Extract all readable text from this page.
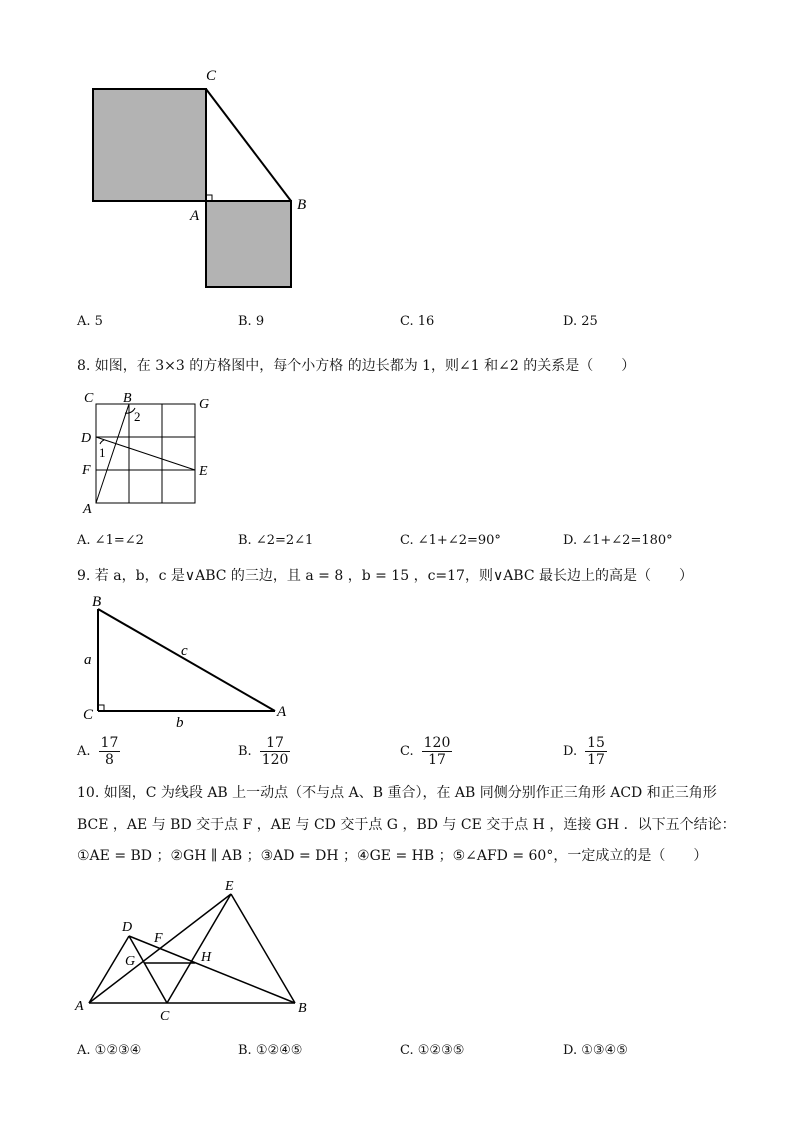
C
A
B
A. 5	B. 9	C. 16	D. 25
8. 如图，在 3×3 的方格图中，每个小方格 的边长都为 1，则∠1 和∠2 的关系是（　　）
C B	G
D
F
A
E
1
2
A. ∠1=∠2	B. ∠2=2∠1	C. ∠1+∠2=90°	D. ∠1+∠2=180°
9. 若 a，b，c 是∨ABC 的三边，且 a = 8 ，b = 15 ，c=17，则∨ABC 最长边上的高是（　　）
B
C	A
a
b
c
A. $\frac{17}{8}$	B. $\frac{17}{120}$	C. $\frac{120}{17}$	D. $\frac{15}{17}$
10. 如图，C 为线段 AB 上一动点（不与点 A、B 重合），在 AB 同侧分别作正三角形 ACD 和正三角形
BCE ，AE 与 BD 交于点 F ，AE 与 CD 交于点 G ，BD 与 CE 交于点 H ，连接 GH ．以下五个结论：
①AE = BD ；②GH ∥ AB ；③AD = DH ；④GE = HB ；⑤∠AFD = 60°，一定成立的是（　　）
E
D
F
G	H
A
C
B
A. ①②③④	B. ①②④⑤	C. ①②③⑤	D. ①③④⑤
